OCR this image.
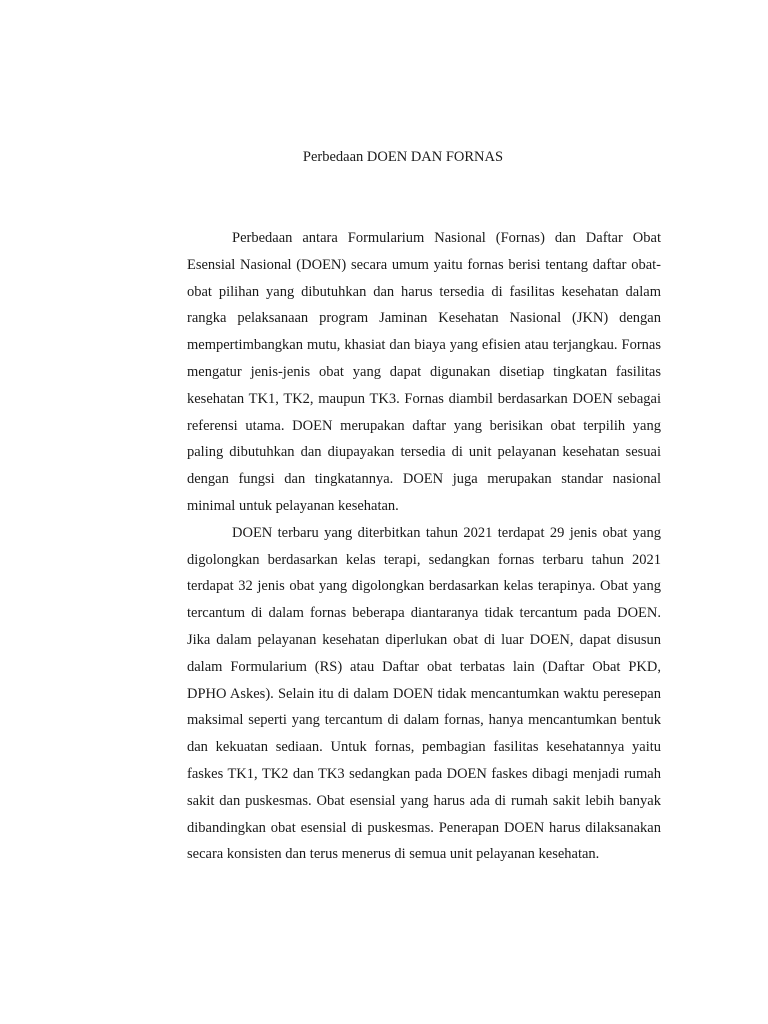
Perbedaan DOEN DAN FORNAS

Perbedaan antara Formularium Nasional (Fornas) dan Daftar Obat Esensial Nasional (DOEN) secara umum yaitu fornas berisi tentang daftar obat-obat pilihan yang dibutuhkan dan harus tersedia di fasilitas kesehatan dalam rangka pelaksanaan program Jaminan Kesehatan Nasional (JKN) dengan mempertimbangkan mutu, khasiat dan biaya yang efisien atau terjangkau. Fornas mengatur jenis-jenis obat yang dapat digunakan disetiap tingkatan fasilitas kesehatan TK1, TK2, maupun TK3. Fornas diambil berdasarkan DOEN sebagai referensi utama. DOEN merupakan daftar yang berisikan obat terpilih yang paling dibutuhkan dan diupayakan tersedia di unit pelayanan kesehatan sesuai dengan fungsi dan tingkatannya. DOEN juga merupakan standar nasional minimal untuk pelayanan kesehatan.

DOEN terbaru yang diterbitkan tahun 2021 terdapat 29 jenis obat yang digolongkan berdasarkan kelas terapi, sedangkan fornas terbaru tahun 2021 terdapat 32 jenis obat yang digolongkan berdasarkan kelas terapinya. Obat yang tercantum di dalam fornas beberapa diantaranya tidak tercantum pada DOEN. Jika dalam pelayanan kesehatan diperlukan obat di luar DOEN, dapat disusun dalam Formularium (RS) atau Daftar obat terbatas lain (Daftar Obat PKD, DPHO Askes). Selain itu di dalam DOEN tidak mencantumkan waktu peresepan maksimal seperti yang tercantum di dalam fornas, hanya mencantumkan bentuk dan kekuatan sediaan. Untuk fornas, pembagian fasilitas kesehatannya yaitu faskes TK1, TK2 dan TK3 sedangkan pada DOEN faskes dibagi menjadi rumah sakit dan puskesmas. Obat esensial yang harus ada di rumah sakit lebih banyak dibandingkan obat esensial di puskesmas. Penerapan DOEN harus dilaksanakan secara konsisten dan terus menerus di semua unit pelayanan kesehatan.
